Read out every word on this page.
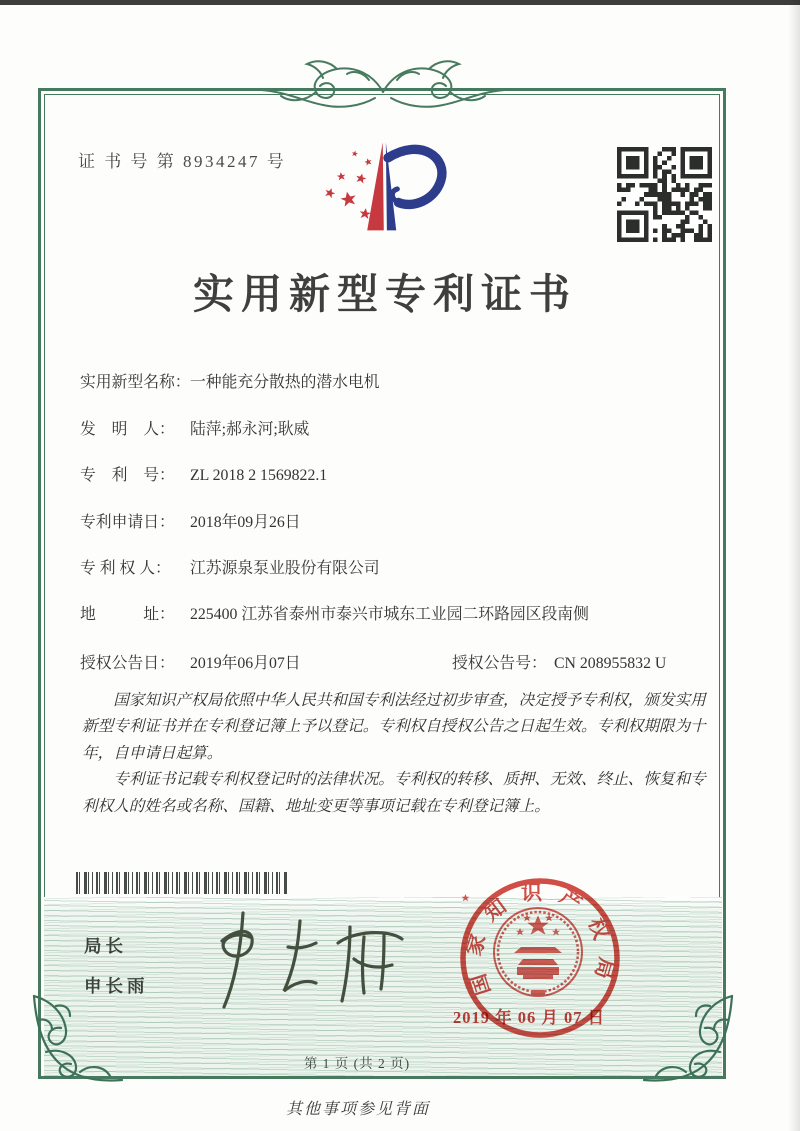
证 书 号 第 8934247 号
实用新型专利证书
实用新型名称：一种能充分散热的潜水电机
发　明　人： 陆萍;郝永河;耿威
专　利　号： ZL 2018 2 1569822.1
专利申请日： 2018年09月26日
专 利 权 人： 江苏源泉泵业股份有限公司
地　　　址： 225400 江苏省泰州市泰兴市城东工业园二环路园区段南侧
授权公告日： 2019年06月07日	授权公告号： CN 208955832 U

国家知识产权局依照中华人民共和国专利法经过初步审查，决定授予专利权，颁发实用新型专利证书并在专利登记簿上予以登记。专利权自授权公告之日起生效。专利权期限为十年，自申请日起算。

专利证书记载专利权登记时的法律状况。专利权的转移、质押、无效、终止、恢复和专利权人的姓名或名称、国籍、地址变更等事项记载在专利登记簿上。

局长
申长雨	国家知识产权局
2019 年 06 月 07 日
第 1 页 (共 2 页)
其他事项参见背面
